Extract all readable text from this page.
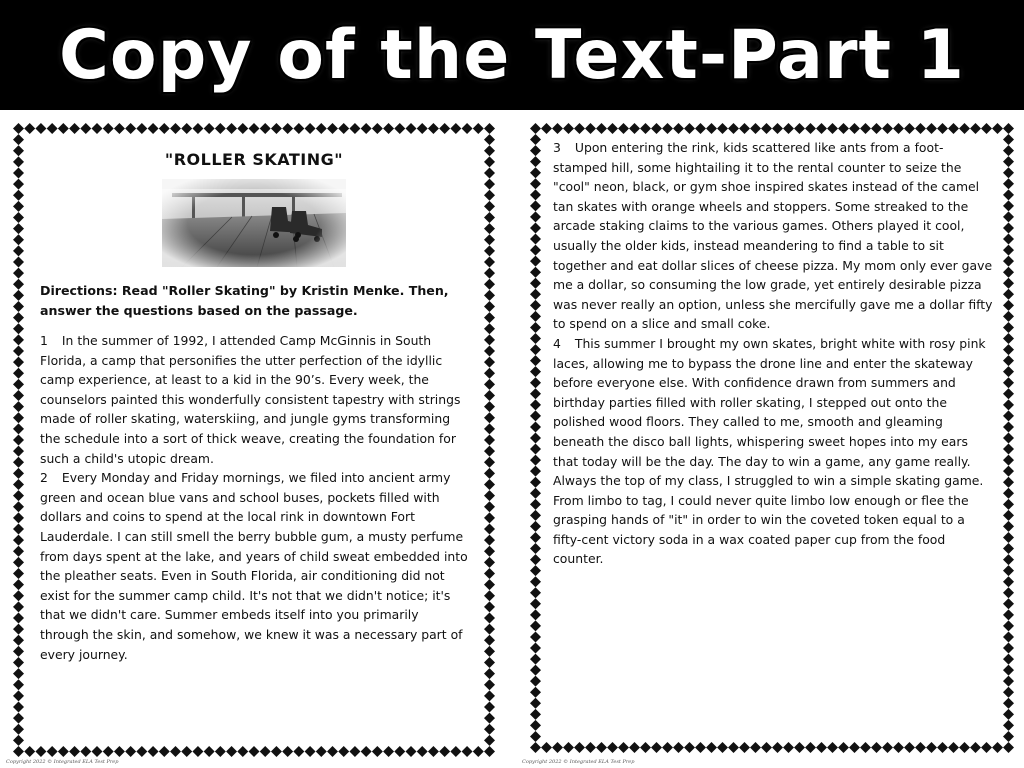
Copy of the Text-Part 1
"ROLLER SKATING"
Directions: Read "Roller Skating" by Kristin Menke. Then, answer the questions based on the passage.

1 In the summer of 1992, I attended Camp McGinnis in South Florida, a camp that personifies the utter perfection of the idyllic camp experience, at least to a kid in the 90’s. Every week, the counselors painted this wonderfully consistent tapestry with strings made of roller skating, waterskiing, and jungle gyms transforming the schedule into a sort of thick weave, creating the foundation for such a child's utopic dream.

2 Every Monday and Friday mornings, we filed into ancient army green and ocean blue vans and school buses, pockets filled with dollars and coins to spend at the local rink in downtown Fort Lauderdale. I can still smell the berry bubble gum, a musty perfume from days spent at the lake, and years of child sweat embedded into the pleather seats. Even in South Florida, air conditioning did not exist for the summer camp child. It's not that we didn't notice; it's that we didn't care. Summer embeds itself into you primarily through the skin, and somehow, we knew it was a necessary part of every journey.

3 Upon entering the rink, kids scattered like ants from a foot-stamped hill, some hightailing it to the rental counter to seize the "cool" neon, black, or gym shoe inspired skates instead of the camel tan skates with orange wheels and stoppers. Some streaked to the arcade staking claims to the various games. Others played it cool, usually the older kids, instead meandering to find a table to sit together and eat dollar slices of cheese pizza. My mom only ever gave me a dollar, so consuming the low grade, yet entirely desirable pizza was never really an option, unless she mercifully gave me a dollar fifty to spend on a slice and small coke.

4 This summer I brought my own skates, bright white with rosy pink laces, allowing me to bypass the drone line and enter the skateway before everyone else. With confidence drawn from summers and birthday parties filled with roller skating, I stepped out onto the polished wood floors. They called to me, smooth and gleaming beneath the disco ball lights, whispering sweet hopes into my ears that today will be the day. The day to win a game, any game really. Always the top of my class, I struggled to win a simple skating game. From limbo to tag, I could never quite limbo low enough or flee the grasping hands of "it" in order to win the coveted token equal to a fifty-cent victory soda in a wax coated paper cup from the food counter.

Copyright 2022 © Integrated ELA Test Prep	Copyright 2022 © Integrated ELA Test Prep
